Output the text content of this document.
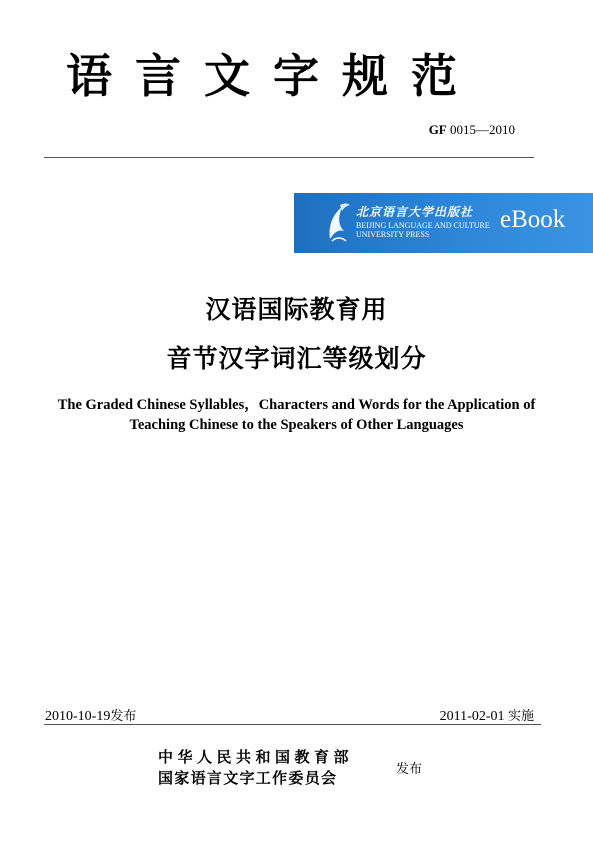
语言文字规范
GF 0015—2010
北京语言大学出版社
BEIJING LANGUAGE AND CULTURE UNIVERSITY PRESS
eBook
汉语国际教育用
音节汉字词汇等级划分
The Graded Chinese Syllables，Characters and Words for the Application of
Teaching Chinese to the Speakers of Other Languages
2010-10-19发布	2011-02-01 实施
中华人民共和国教育部
国家语言文字工作委员会	发布
